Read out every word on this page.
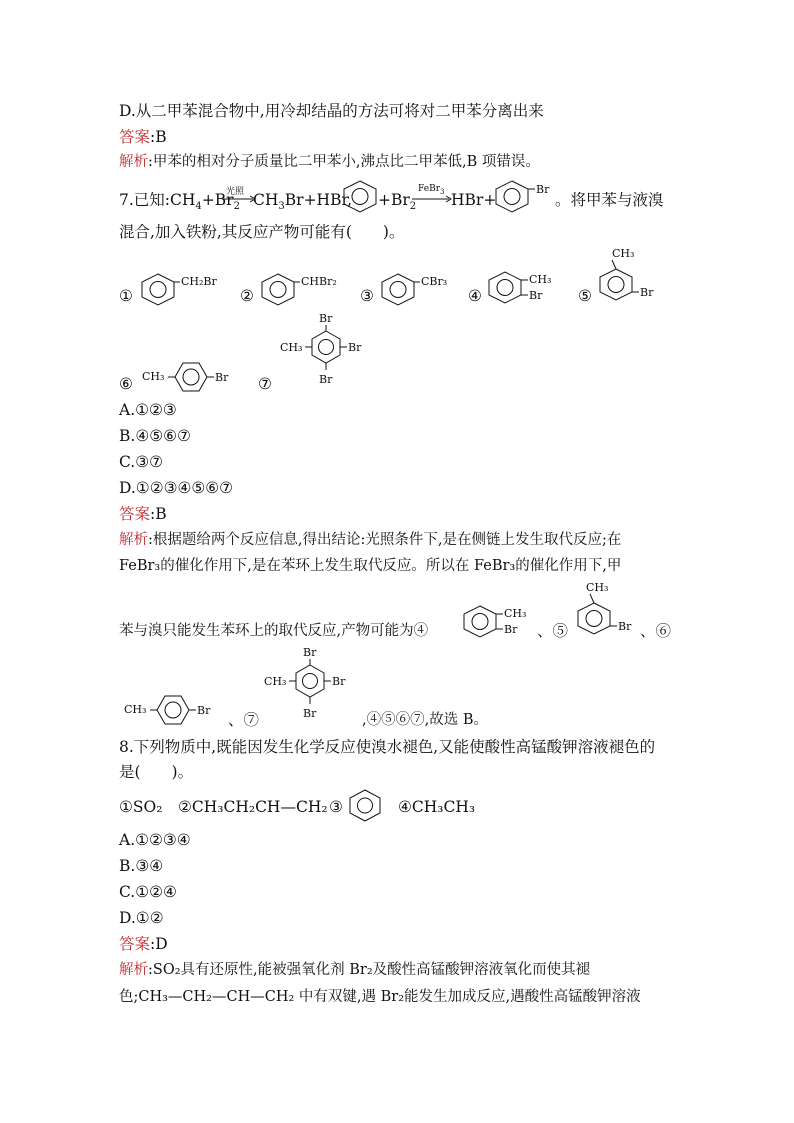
D.从二甲苯混合物中,用冷却结晶的方法可将对二甲苯分离出来
答案:B
解析:甲苯的相对分子质量比二甲苯小,沸点比二甲苯低,B 项错误。
7.已知$:CH_4+Br_2$
光照 $CH_3Br+HBr$, $+Br_2$
FeBr$_3$ → HBr+
Br
。将甲苯与液溴
混合,加入铁粉,其反应产物可能有(　　)。
①
CH₂Br
②
CHBr₂
③
CBr₃
④
CH₃
Br ⑤
CH₃
Br
Br
CH₃	Br
Br
⑥ CH₃	Br ⑦
A.①②③
B.④⑤⑥⑦
C.③⑦
D.①②③④⑤⑥⑦
答案:B
解析:根据题给两个反应信息,得出结论:光照条件下,是在侧链上发生取代反应;在
FeBr₃的催化作用下,是在苯环上发生取代反应。所以在 FeBr₃的催化作用下,甲
苯与溴只能发生苯环上的取代反应,产物可能为④
CH₃
Br 、⑤
CH₃
Br 、⑥
CH₃	Br
、⑦
Br
CH₃	Br
Br	,④⑤⑥⑦,故选 B。
8.下列物质中,既能因发生化学反应使溴水褪色,又能使酸性高锰酸钾溶液褪色的
是(　　)。
①SO₂ ②CH₃CH₂CH—CH₂ ③	④CH₃CH₃
A.①②③④
B.③④
C.①②④
D.①②
答案:D
解析:SO₂具有还原性,能被强氧化剂 Br₂及酸性高锰酸钾溶液氧化而使其褪
色;CH₃—CH₂—CH—CH₂ 中有双键,遇 Br₂能发生加成反应,遇酸性高锰酸钾溶液
